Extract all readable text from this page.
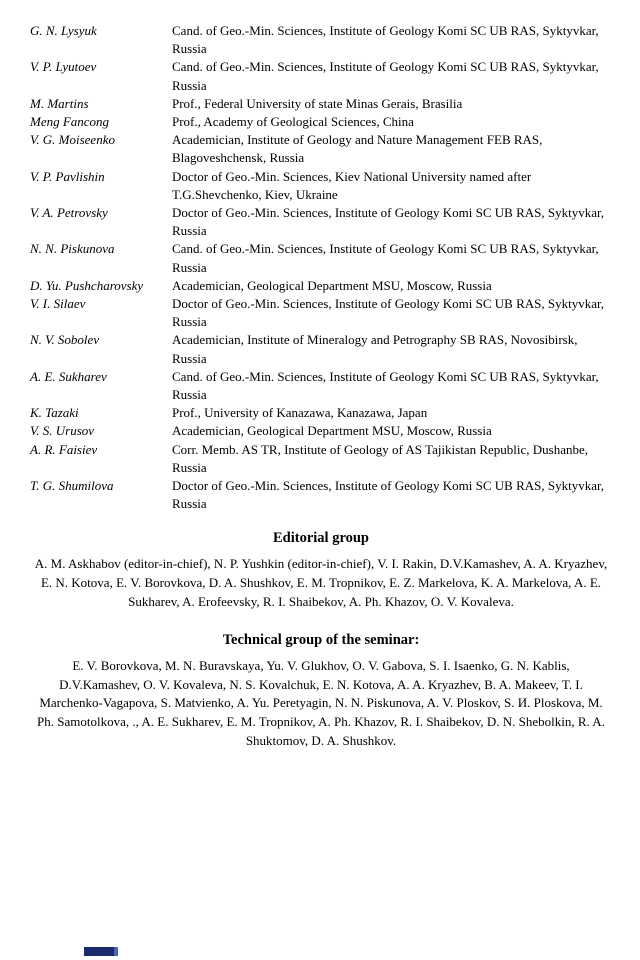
G. N. Lysyuk	Cand. of Geo.-Min. Sciences, Institute of Geology Komi SC UB RAS, Syktyvkar, Russia
V. P. Lyutoev	Cand. of Geo.-Min. Sciences, Institute of Geology Komi SC UB RAS, Syktyvkar, Russia
M. Martins	Prof., Federal University of state Minas Gerais, Brasilia
Meng Fancong	Prof., Academy of Geological Sciences, China
V. G. Moiseenko	Academician, Institute of Geology and Nature Management FEB RAS, Blagoveshchensk, Russia
V. P. Pavlishin	Doctor of Geo.-Min. Sciences, Kiev National University named after T.G.Shevchenko, Kiev, Ukraine
V. A. Petrovsky	Doctor of Geo.-Min. Sciences, Institute of Geology Komi SC UB RAS, Syktyvkar, Russia
N. N. Piskunova	Cand. of Geo.-Min. Sciences, Institute of Geology Komi SC UB RAS, Syktyvkar, Russia
D. Yu. Pushcharovsky	Academician, Geological Department MSU, Moscow, Russia
V. I. Silaev	Doctor of Geo.-Min. Sciences, Institute of Geology Komi SC UB RAS, Syktyvkar, Russia
N. V. Sobolev	Academician, Institute of Mineralogy and Petrography SB RAS, Novosibirsk, Russia
A. E. Sukharev	Cand. of Geo.-Min. Sciences, Institute of Geology Komi SC UB RAS, Syktyvkar, Russia
K. Tazaki	Prof., University of Kanazawa, Kanazawa, Japan
V. S. Urusov	Academician, Geological Department MSU, Moscow, Russia
A. R. Faisiev	Corr. Memb. AS TR, Institute of Geology of AS Tajikistan Republic, Dushanbe, Russia
T. G. Shumilova	Doctor of Geo.-Min. Sciences, Institute of Geology Komi SC UB RAS, Syktyvkar, Russia
Editorial group

A. M. Askhabov (editor-in-chief), N. P. Yushkin (editor-in-chief), V. I. Rakin, D.V.Kamashev, A. A. Kryazhev, E. N. Kotova, E. V. Borovkova, D. A. Shushkov, E. M. Tropnikov, E. Z. Markelova, K. A. Markelova, A. E. Sukharev, A. Erofeevsky, R. I. Shaibekov, A. Ph. Khazov, O. V. Kovaleva.

Technical group of the seminar:

E. V. Borovkova, M. N. Buravskaya, Yu. V. Glukhov, O. V. Gabova, S. I. Isaenko, G. N. Kablis, D.V.Kamashev, O. V. Kovaleva, N. S. Kovalchuk, E. N. Kotova, A. A. Kryazhev, B. A. Makeev, T. I. Marchenko-Vagapova, S. Matvienko, A. Yu. Peretyagin, N. N. Piskunova, A. V. Ploskov, S. И. Ploskova, M. Ph. Samotolkova, ., A. E. Sukharev, E. M. Tropnikov, A. Ph. Khazov, R. I. Shaibekov, D. N. Shebolkin, R. A. Shuktomov, D. A. Shushkov.
